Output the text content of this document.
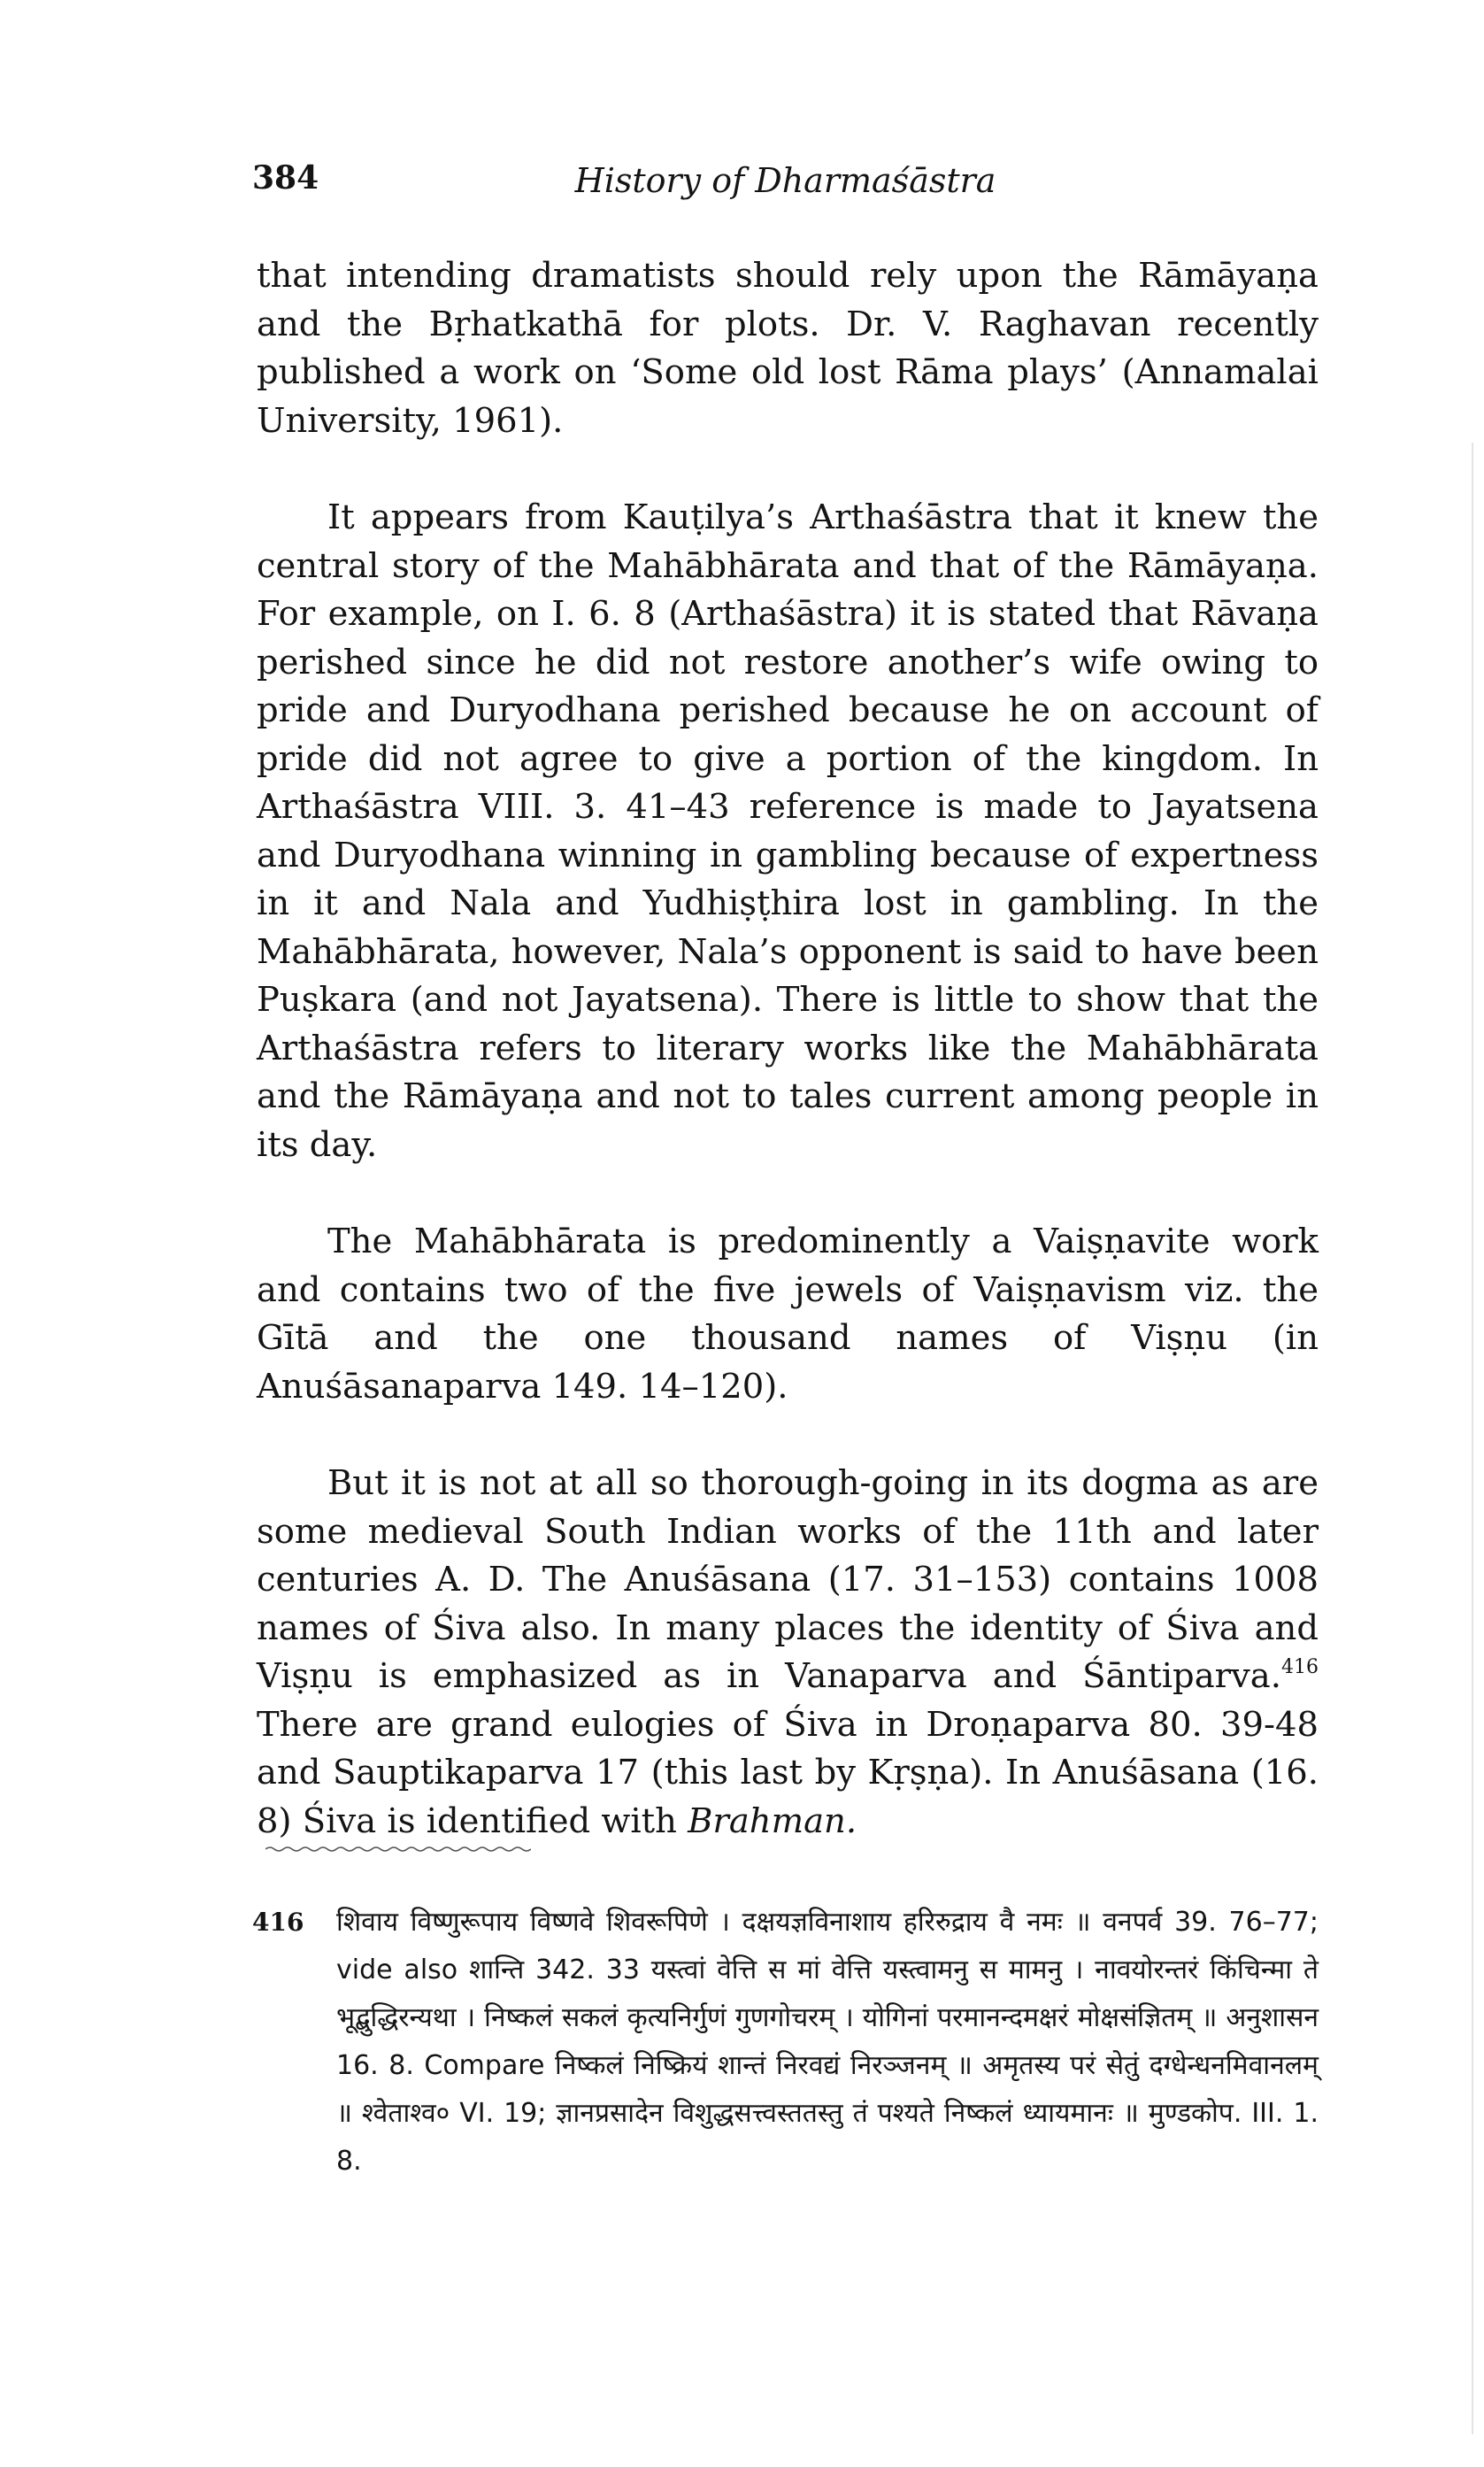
384	History of Dharmaśāstra

that intending dramatists should rely upon the Rāmāyaṇa and the Bṛhatkathā for plots. Dr. V. Raghavan recently published a work on ‘Some old lost Rāma plays’ (Annamalai University, 1961).

It appears from Kauṭilya’s Arthaśāstra that it knew the central story of the Mahābhārata and that of the Rāmāyaṇa. For example, on I. 6. 8 (Arthaśāstra) it is stated that Rāvaṇa perished since he did not restore another’s wife owing to pride and Duryodhana perished because he on account of pride did not agree to give a portion of the kingdom. In Arthaśāstra VIII. 3. 41–43 reference is made to Jayatsena and Duryodhana winning in gambling because of expertness in it and Nala and Yudhiṣṭhira lost in gambling. In the Mahābhārata, however, Nala’s opponent is said to have been Puṣkara (and not Jayatsena). There is little to show that the Arthaśāstra refers to literary works like the Mahābhārata and the Rāmāyaṇa and not to tales current among people in its day.

The Mahābhārata is predominently a Vaiṣṇavite work and contains two of the five jewels of Vaiṣṇavism viz. the Gītā and the one thousand names of Viṣṇu (in Anuśāsanaparva 149. 14–120).

But it is not at all so thorough-going in its dogma as are some medieval South Indian works of the 11th and later centuries A. D. The Anuśāsana (17. 31–153) contains 1008 names of Śiva also. In many places the identity of Śiva and Viṣṇu is emphasized as in Vanaparva and Śāntiparva.$^{416}$ There are grand eulogies of Śiva in Droṇaparva 80. 39-48 and Sauptikaparva 17 (this last by Kṛṣṇa). In Anuśāsana (16. 8) Śiva is identified with Brahman.

416 शिवाय विष्णुरूपाय विष्णवे शिवरूपिणे । दक्षयज्ञविनाशाय हरिरुद्राय वै नमः ॥ वनपर्व 39. 76–77; vide also शान्ति 342. 33 यस्त्वां वेत्ति स मां वेत्ति यस्त्वामनु स मामनु । नावयोरन्तरं किंचिन्मा ते भूद्बुद्धिरन्यथा । निष्कलं सकलं कृत्यनिर्गुणं गुणगोचरम् । योगिनां परमानन्दमक्षरं मोक्षसंज्ञितम् ॥ अनुशासन 16. 8. Compare निष्कलं निष्क्रियं शान्तं निरवद्यं निरञ्जनम् ॥ अमृतस्य परं सेतुं दग्धेन्धनमिवानलम् ॥ श्वेताश्व० VI. 19; ज्ञानप्रसादेन विशुद्धसत्त्वस्ततस्तु तं पश्यते निष्कलं ध्यायमानः ॥ मुण्डकोप. III. 1. 8.
